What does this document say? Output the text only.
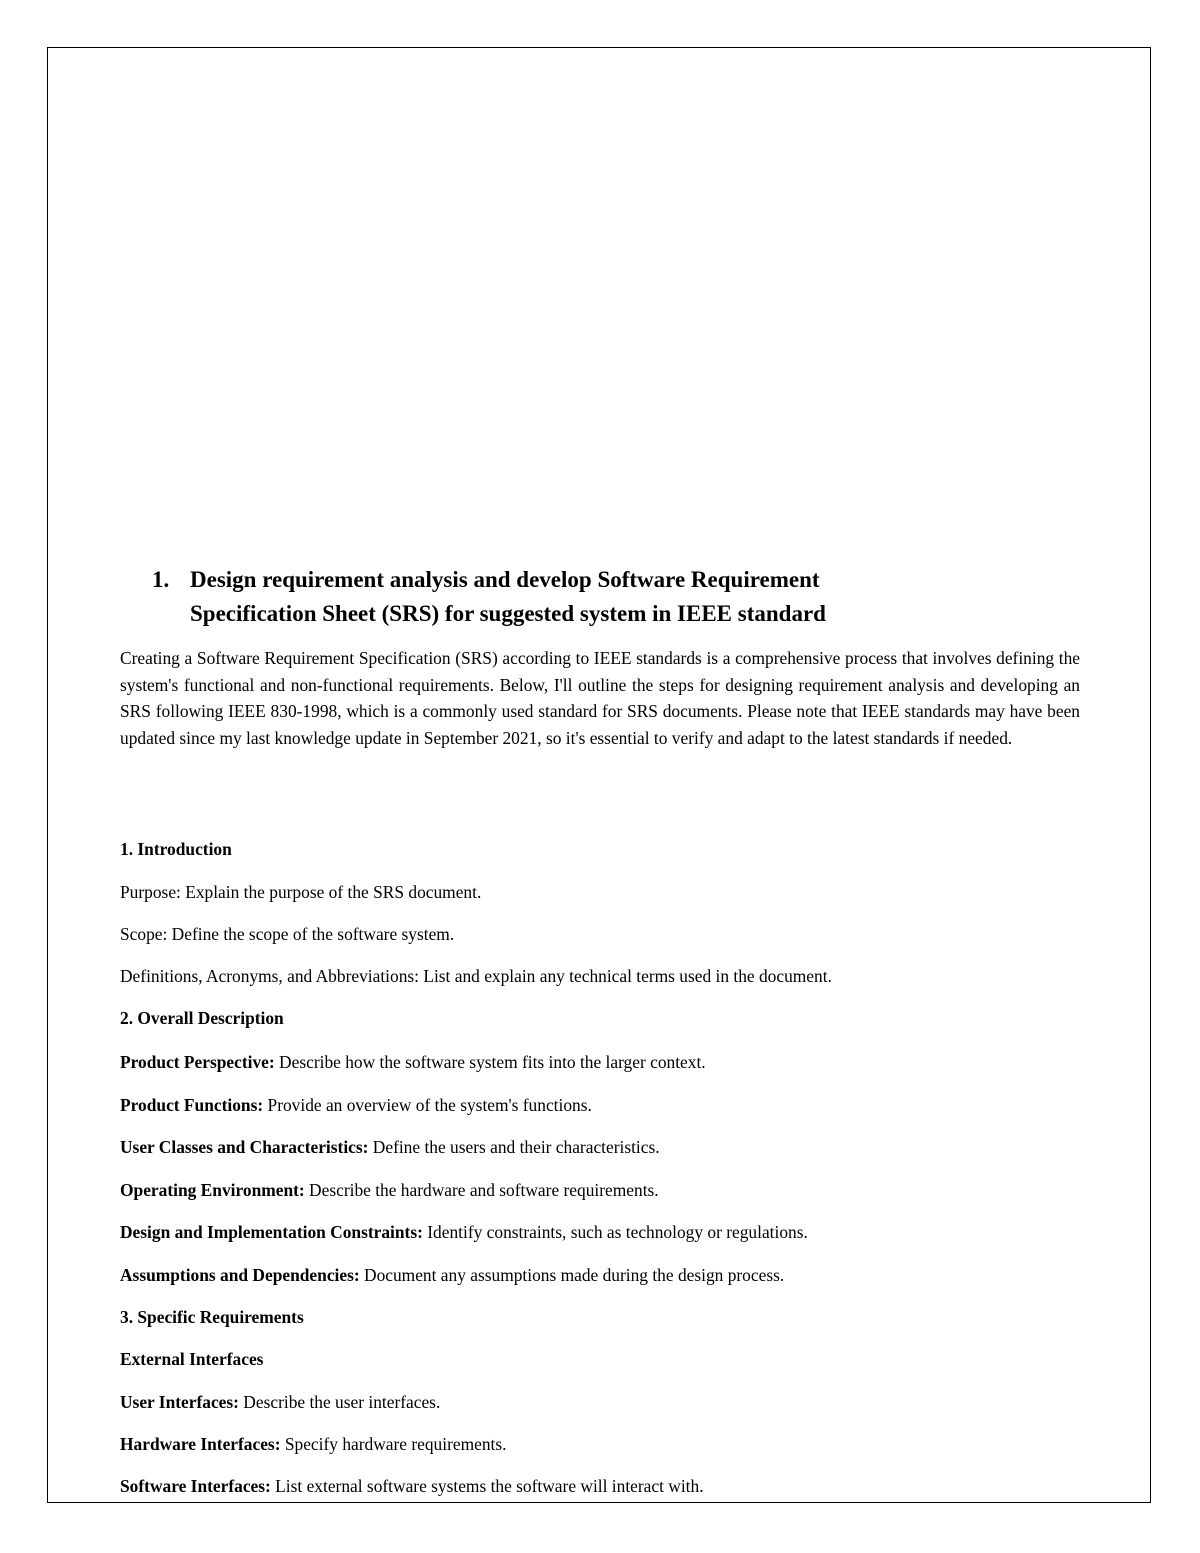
1. Design requirement analysis and develop Software Requirement
Specification Sheet (SRS) for suggested system in IEEE standard
Creating a Software Requirement Specification (SRS) according to IEEE standards is a comprehensive process that involves defining the system's functional and non-functional requirements. Below, I'll outline the steps for designing requirement analysis and developing an SRS following IEEE 830-1998, which is a commonly used standard for SRS documents. Please note that IEEE standards may have been updated since my last knowledge update in September 2021, so it's essential to verify and adapt to the latest standards if needed.
1. Introduction
Purpose: Explain the purpose of the SRS document.
Scope: Define the scope of the software system.
Definitions, Acronyms, and Abbreviations: List and explain any technical terms used in the document.
2. Overall Description
Product Perspective: Describe how the software system fits into the larger context.
Product Functions: Provide an overview of the system's functions.
User Classes and Characteristics: Define the users and their characteristics.
Operating Environment: Describe the hardware and software requirements.
Design and Implementation Constraints: Identify constraints, such as technology or regulations.
Assumptions and Dependencies: Document any assumptions made during the design process.
3. Specific Requirements
External Interfaces
User Interfaces: Describe the user interfaces.
Hardware Interfaces: Specify hardware requirements.
Software Interfaces: List external software systems the software will interact with.
